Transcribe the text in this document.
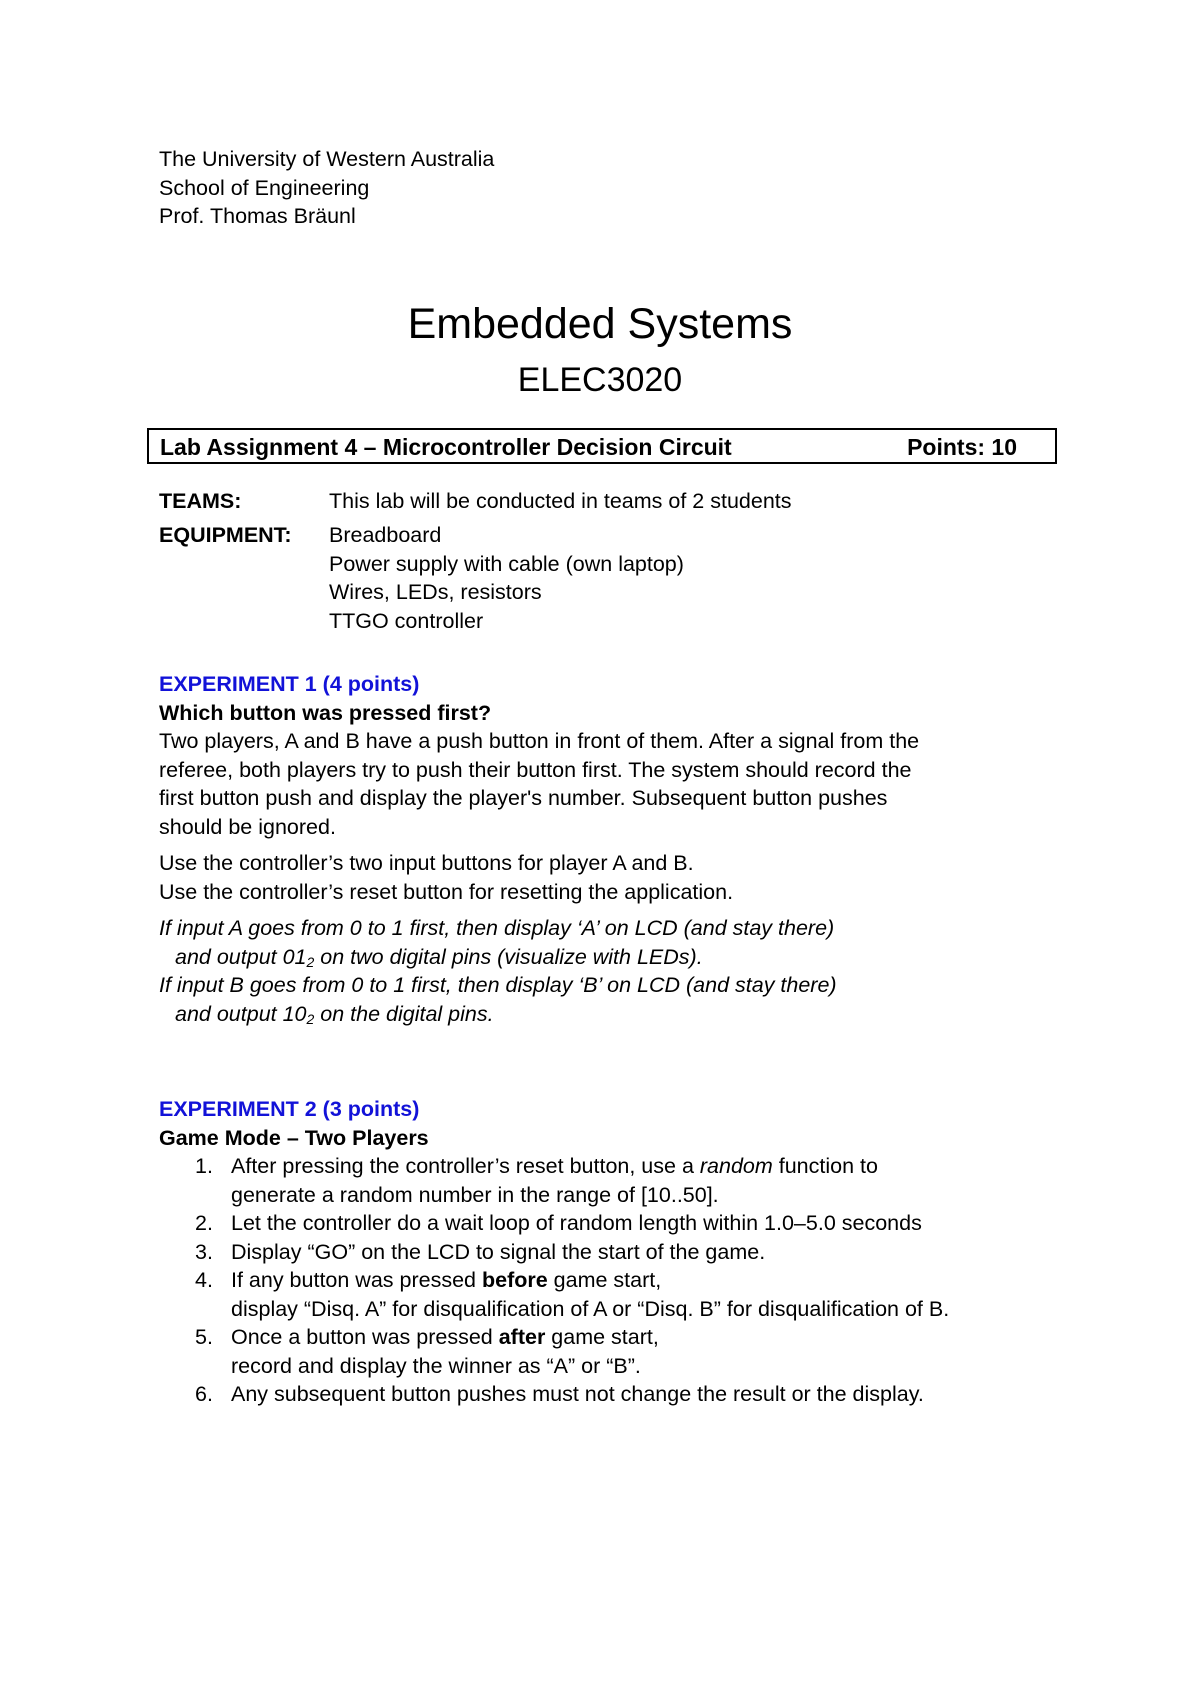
The University of Western Australia
School of Engineering
Prof. Thomas Bräunl
Embedded Systems
ELEC3020
Lab Assignment 4 – Microcontroller Decision Circuit	Points: 10
TEAMS:	This lab will be conducted in teams of 2 students
EQUIPMENT: Breadboard
Power supply with cable (own laptop)
Wires, LEDs, resistors
TTGO controller
EXPERIMENT 1 (4 points)
Which button was pressed first?
Two players, A and B have a push button in front of them. After a signal from the
referee, both players try to push their button first. The system should record the
first button push and display the player's number. Subsequent button pushes
should be ignored.
Use the controller’s two input buttons for player A and B.
Use the controller’s reset button for resetting the application.
If input A goes from 0 to 1 first, then display ‘A’ on LCD (and stay there)
and output $01_2$ on two digital pins (visualize with LEDs).
If input B goes from 0 to 1 first, then display ‘B’ on LCD (and stay there)
and output $10_2$ on the digital pins.
EXPERIMENT 2 (3 points)
Game Mode – Two Players
1. After pressing the controller’s reset button, use a random function to
generate a random number in the range of [10..50].
2. Let the controller do a wait loop of random length within 1.0–5.0 seconds
3. Display “GO” on the LCD to signal the start of the game.
4. If any button was pressed before game start,
display “Disq. A” for disqualification of A or “Disq. B” for disqualification of B.
5. Once a button was pressed after game start,
record and display the winner as “A” or “B”.
6. Any subsequent button pushes must not change the result or the display.
